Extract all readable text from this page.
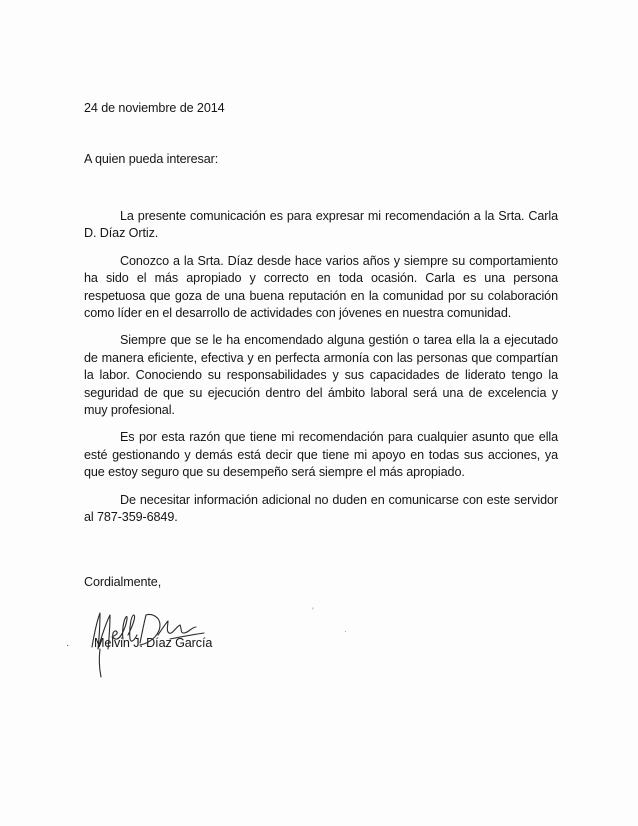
24 de noviembre de 2014
A quien pueda interesar:

La presente comunicación es para expresar mi recomendación a la Srta. Carla D. Díaz Ortiz.

Conozco a la Srta. Díaz desde hace varios años y siempre su comportamiento ha sido el más apropiado y correcto en toda ocasión. Carla es una persona respetuosa que goza de una buena reputación en la comunidad por su colaboración como líder en el desarrollo de actividades con jóvenes en nuestra comunidad.

Siempre que se le ha encomendado alguna gestión o tarea ella la a ejecutado de manera eficiente, efectiva y en perfecta armonía con las personas que compartían la labor. Conociendo su responsabilidades y sus capacidades de liderato tengo la seguridad de que su ejecución dentro del ámbito laboral será una de excelencia y muy profesional.

Es por esta razón que tiene mi recomendación para cualquier asunto que ella esté gestionando y demás está decir que tiene mi apoyo en todas sus acciones, ya que estoy seguro que su desempeño será siempre el más apropiado.

De necesitar información adicional no duden en comunicarse con este servidor al 787-359-6849.

Cordialmente,
· Melvin J. Díaz García
'
·
